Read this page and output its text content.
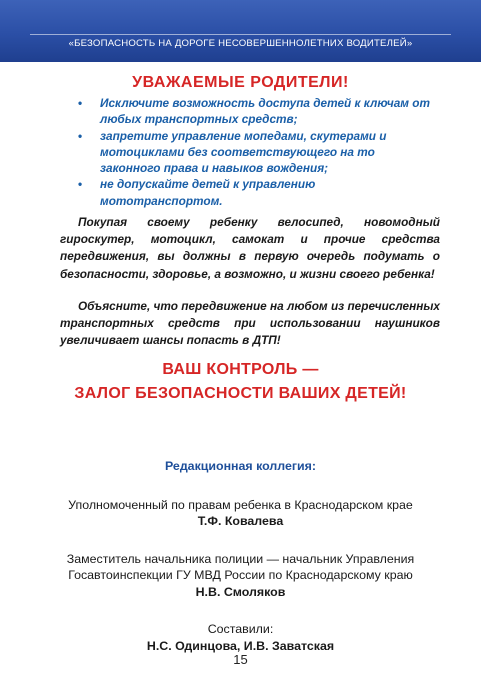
«БЕЗОПАСНОСТЬ НА ДОРОГЕ НЕСОВЕРШЕННОЛЕТНИХ ВОДИТЕЛЕЙ»
УВАЖАЕМЫЕ РОДИТЕЛИ!
• Исключите возможность доступа детей к ключам от любых транспортных средств;
• запретите управление мопедами, скутерами и мотоциклами без соответствующего на то законного права и навыков вождения;
• не допускайте детей к управлению мототранспортом.

Покупая своему ребенку велосипед, новомодный гироскутер, мотоцикл, самокат и прочие средства передвижения, вы должны в первую очередь подумать о безопасности, здоровье, а возможно, и жизни своего ребенка!

Объясните, что передвижение на любом из перечисленных транспортных средств при использовании наушников увеличивает шансы попасть в ДТП!

ВАШ КОНТРОЛЬ —
ЗАЛОГ БЕЗОПАСНОСТИ ВАШИХ ДЕТЕЙ!
Редакционная коллегия:
Уполномоченный по правам ребенка в Краснодарском крае
Т.Ф. Ковалева
Заместитель начальника полиции — начальник Управления
Госавтоинспекции ГУ МВД России по Краснодарскому краю
Н.В. Смоляков
Составили:
Н.С. Одинцова, И.В. Заватская
15
